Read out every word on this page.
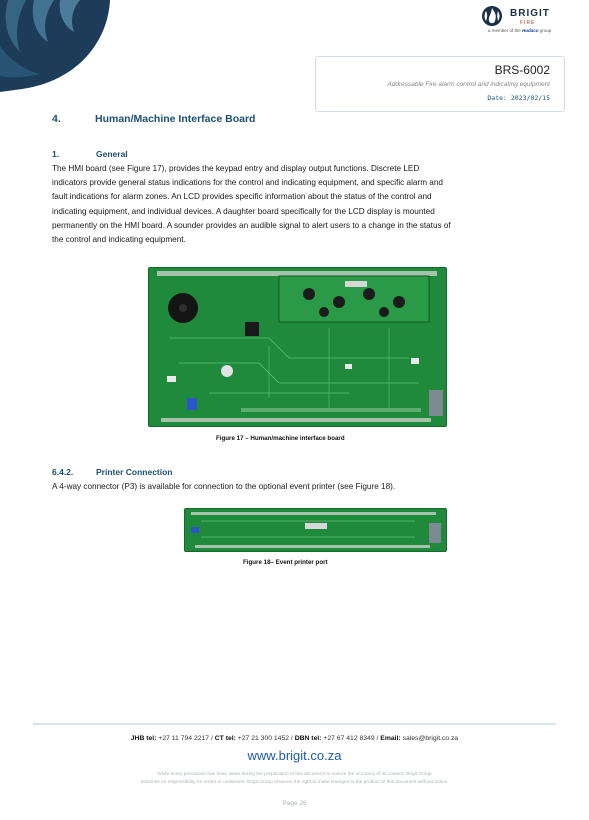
BRIGIT
FIRE
a member of the Hudaco group
BRS-6002
Addressable Fire alarm control and indicating equipment
Date: 2023/02/15
4.	Human/Machine Interface Board
1.	General
The HMI board (see Figure 17), provides the keypad entry and display output functions. Discrete LED
indicators provide general status indications for the control and indicating equipment, and specific alarm and
fault indications for alarm zones. An LCD provides specific information about the status of the control and
indicating equipment, and individual devices. A daughter board specifically for the LCD display is mounted
permanently on the HMI board. A sounder provides an audible signal to alert users to a change in the status of
the control and indicating equipment.
Figure 17 – Human/machine interface board
6.4.2.	Printer Connection
A 4-way connector (P3) is available for connection to the optional event printer (see Figure 18).
Figure 18– Event printer port
JHB tel: +27 11 794 2217 / CT tel: +27 21 300 1452 / DBN tel: +27 67 412 8349 / Email: sales@brigit.co.za
www.brigit.co.za
While every precaution has been taken during the preparation of this document to ensure the accuracy of its content, Brigit Group
assumes no responsibility for errors or omissions. Brigit Group reserves the right to make changes to the product or this document without notice.
Page 26
